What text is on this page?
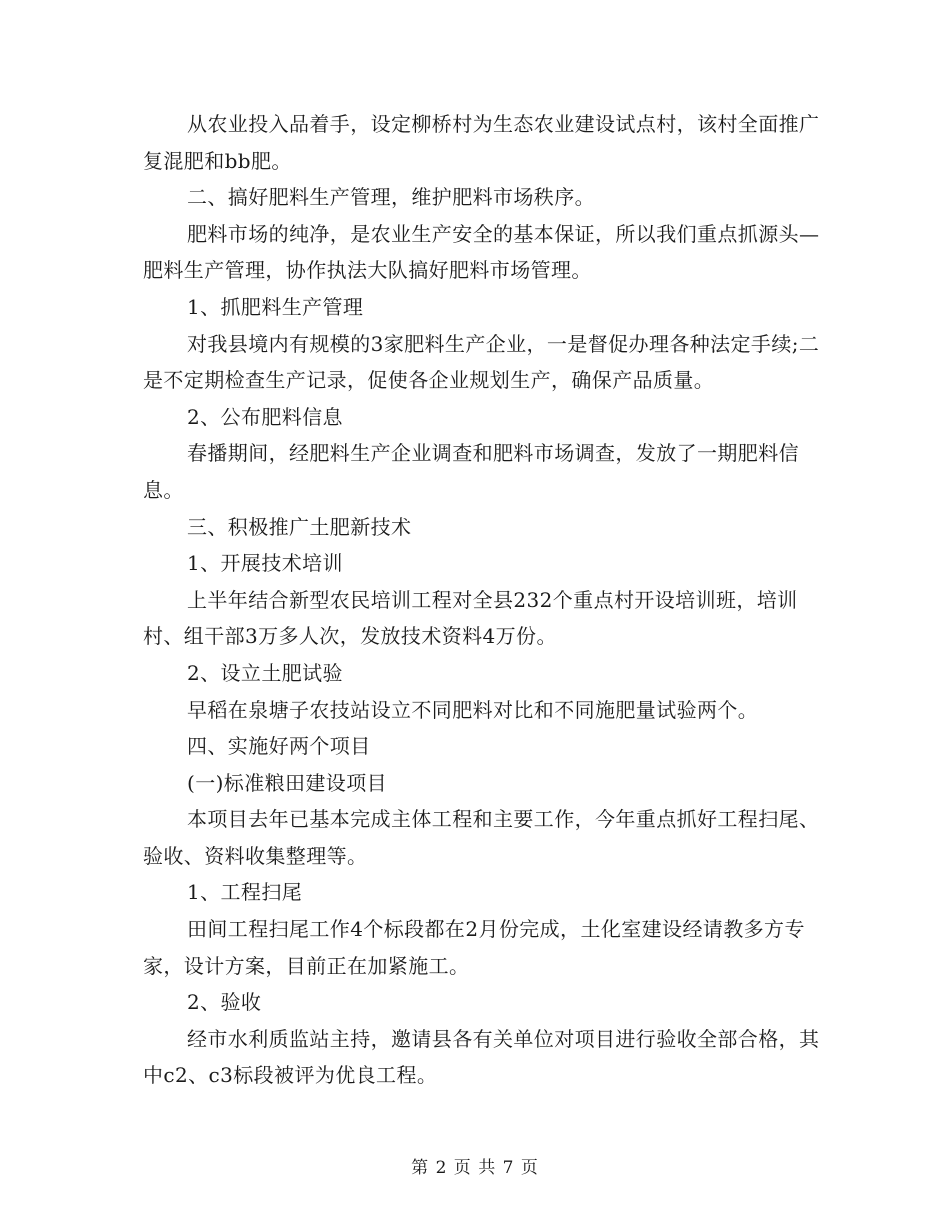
从农业投入品着手，设定柳桥村为生态农业建设试点村，该村全面推广复混肥和bb肥。

二、搞好肥料生产管理，维护肥料市场秩序。

肥料市场的纯净，是农业生产安全的基本保证，所以我们重点抓源头—肥料生产管理，协作执法大队搞好肥料市场管理。

1、抓肥料生产管理

对我县境内有规模的3家肥料生产企业，一是督促办理各种法定手续;二是不定期检查生产记录，促使各企业规划生产，确保产品质量。

2、公布肥料信息

春播期间，经肥料生产企业调查和肥料市场调查，发放了一期肥料信息。

三、积极推广土肥新技术

1、开展技术培训

上半年结合新型农民培训工程对全县232个重点村开设培训班，培训村、组干部3万多人次，发放技术资料4万份。

2、设立土肥试验

早稻在泉塘子农技站设立不同肥料对比和不同施肥量试验两个。

四、实施好两个项目

(一)标准粮田建设项目

本项目去年已基本完成主体工程和主要工作，今年重点抓好工程扫尾、验收、资料收集整理等。

1、工程扫尾

田间工程扫尾工作4个标段都在2月份完成，土化室建设经请教多方专家，设计方案，目前正在加紧施工。

2、验收

经市水利质监站主持，邀请县各有关单位对项目进行验收全部合格，其中c2、c3标段被评为优良工程。

第 2 页 共 7 页
